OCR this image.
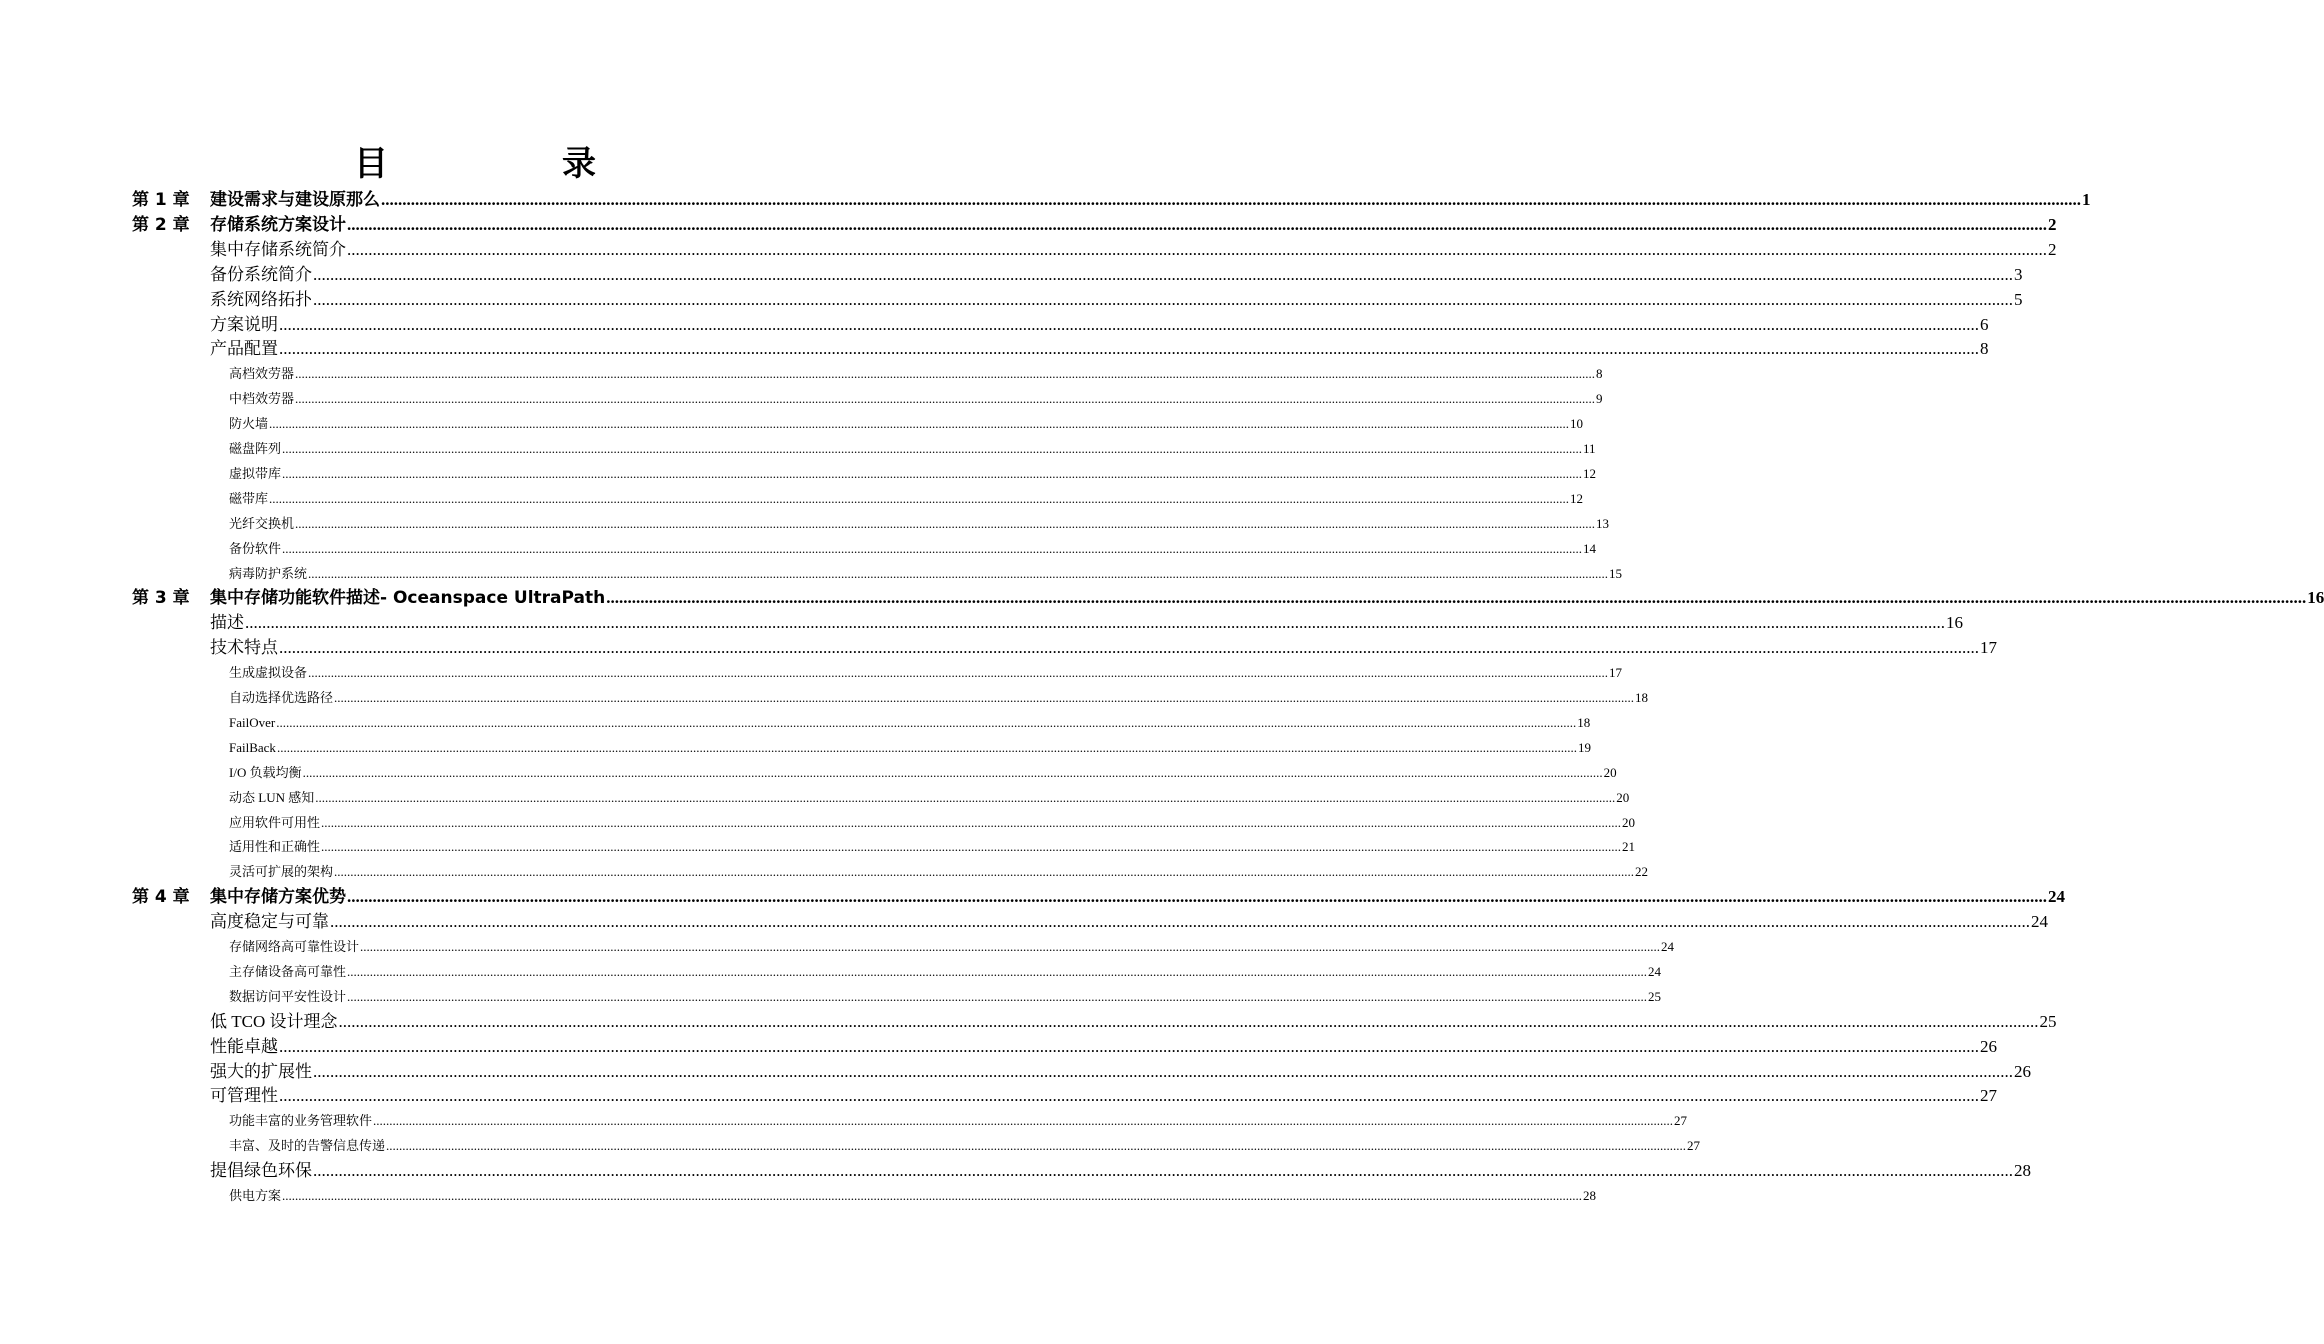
目　录
第 1 章	建设需求与建设原那么 ................................................................................................................................................................................................................................................................................................................................................................................................................ 1
第 2 章	存储系统方案设计 ................................................................................................................................................................................................................................................................................................................................................................................................................ 2
集中存储系统简介 ................................................................................................................................................................................................................................................................................................................................................................................................................ 2
备份系统简介 ................................................................................................................................................................................................................................................................................................................................................................................................................ 3
系统网络拓扑 ................................................................................................................................................................................................................................................................................................................................................................................................................ 5
方案说明 ................................................................................................................................................................................................................................................................................................................................................................................................................ 6
产品配置 ................................................................................................................................................................................................................................................................................................................................................................................................................ 8
高档效劳器 ................................................................................................................................................................................................................................................................................................................................................................................................................ 8
中档效劳器 ................................................................................................................................................................................................................................................................................................................................................................................................................ 9
防火墙 ................................................................................................................................................................................................................................................................................................................................................................................................................ 10
磁盘阵列 ................................................................................................................................................................................................................................................................................................................................................................................................................ 11
虚拟带库 ................................................................................................................................................................................................................................................................................................................................................................................................................ 12
磁带库 ................................................................................................................................................................................................................................................................................................................................................................................................................ 12
光纤交换机 ................................................................................................................................................................................................................................................................................................................................................................................................................ 13
备份软件 ................................................................................................................................................................................................................................................................................................................................................................................................................ 14
病毒防护系统 ................................................................................................................................................................................................................................................................................................................................................................................................................ 15
第 3 章	集中存储功能软件描述- Oceanspace UltraPath ................................................................................................................................................................................................................................................................................................................................................................................................................ 16
描述 ................................................................................................................................................................................................................................................................................................................................................................................................................ 16
技术特点 ................................................................................................................................................................................................................................................................................................................................................................................................................ 17
生成虚拟设备 ................................................................................................................................................................................................................................................................................................................................................................................................................ 17
自动选择优选路径 ................................................................................................................................................................................................................................................................................................................................................................................................................ 18
FailOver ................................................................................................................................................................................................................................................................................................................................................................................................................ 18
FailBack ................................................................................................................................................................................................................................................................................................................................................................................................................ 19
I/O 负载均衡 ................................................................................................................................................................................................................................................................................................................................................................................................................ 20
动态 LUN 感知 ................................................................................................................................................................................................................................................................................................................................................................................................................ 20
应用软件可用性 ................................................................................................................................................................................................................................................................................................................................................................................................................ 20
适用性和正确性 ................................................................................................................................................................................................................................................................................................................................................................................................................ 21
灵活可扩展的架构 ................................................................................................................................................................................................................................................................................................................................................................................................................ 22
第 4 章	集中存储方案优势 ................................................................................................................................................................................................................................................................................................................................................................................................................ 24
高度稳定与可靠 ................................................................................................................................................................................................................................................................................................................................................................................................................ 24
存储网络高可靠性设计 ................................................................................................................................................................................................................................................................................................................................................................................................................ 24
主存储设备高可靠性 ................................................................................................................................................................................................................................................................................................................................................................................................................ 24
数据访问平安性设计 ................................................................................................................................................................................................................................................................................................................................................................................................................ 25
低 TCO 设计理念 ................................................................................................................................................................................................................................................................................................................................................................................................................ 25
性能卓越 ................................................................................................................................................................................................................................................................................................................................................................................................................ 26
强大的扩展性 ................................................................................................................................................................................................................................................................................................................................................................................................................ 26
可管理性 ................................................................................................................................................................................................................................................................................................................................................................................................................ 27
功能丰富的业务管理软件 ................................................................................................................................................................................................................................................................................................................................................................................................................ 27
丰富、及时的告警信息传递 ................................................................................................................................................................................................................................................................................................................................................................................................................ 27
提倡绿色环保 ................................................................................................................................................................................................................................................................................................................................................................................................................ 28
供电方案 ................................................................................................................................................................................................................................................................................................................................................................................................................ 28
